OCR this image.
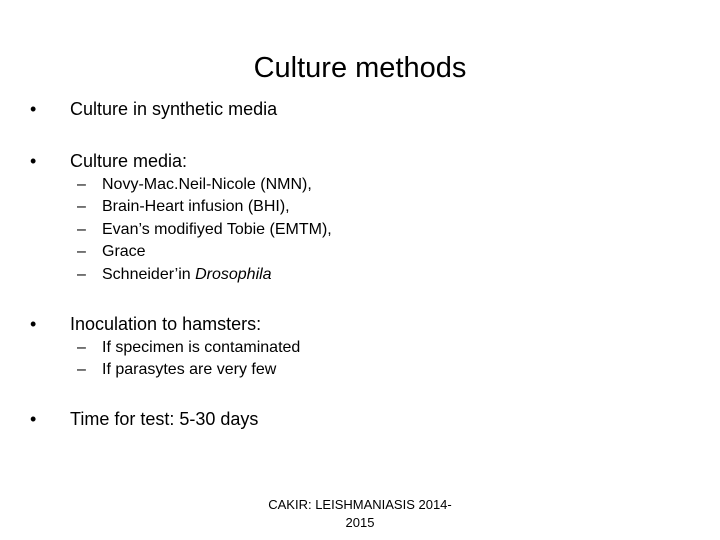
Culture methods
• Culture in synthetic media
• Culture media:
– Novy-Mac.Neil-Nicole (NMN),
– Brain-Heart infusion (BHI),
– Evan’s modifiyed Tobie (EMTM),
– Grace
– Schneider’in Drosophila
• Inoculation to hamsters:
– If specimen is contaminated
– If parasytes are very few
• Time for test: 5-30 days
CAKIR: LEISHMANIASIS 2014-2015
